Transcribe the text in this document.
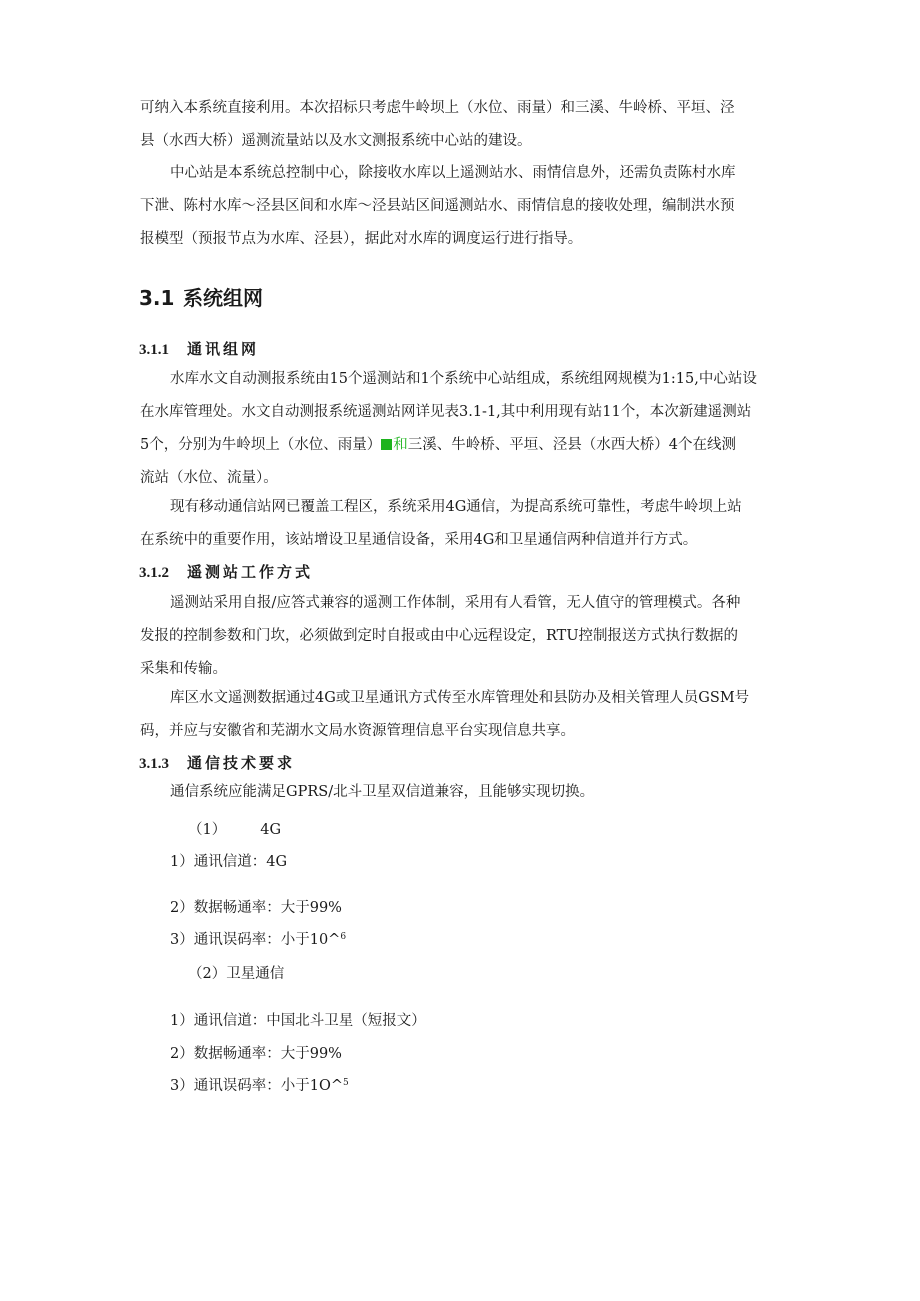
可纳入本系统直接利用。本次招标只考虑牛岭坝上（水位、雨量）和三溪、牛岭桥、平垣、泾
县（水西大桥）遥测流量站以及水文测报系统中心站的建设。

中心站是本系统总控制中心，除接收水库以上遥测站水、雨情信息外，还需负责陈村水库
下泄、陈村水库～泾县区间和水库～泾县站区间遥测站水、雨情信息的接收处理，编制洪水预
报模型（预报节点为水库、泾县），据此对水库的调度运行进行指导。

3.1 系统组网
3.1.1 通讯组网

水库水文自动测报系统由15个遥测站和1个系统中心站组成，系统组网规模为1:15,中心站设
在水库管理处。水文自动测报系统遥测站网详见表3.1-1,其中利用现有站11个，本次新建遥测站
5个，分别为牛岭坝上（水位、雨量） 和三溪、牛岭桥、平垣、泾县（水西大桥）4个在线测
流站（水位、流量）。

现有移动通信站网已覆盖工程区，系统采用4G通信，为提高系统可靠性，考虑牛岭坝上站
在系统中的重要作用，该站增设卫星通信设备，采用4G和卫星通信两种信道并行方式。

3.1.2 遥测站工作方式

遥测站采用自报/应答式兼容的遥测工作体制，采用有人看管，无人值守的管理模式。各种
发报的控制参数和门坎，必须做到定时自报或由中心远程设定，RTU控制报送方式执行数据的
采集和传输。

库区水文遥测数据通过4G或卫星通讯方式传至水库管理处和县防办及相关管理人员GSM号
码，并应与安徽省和芜湖水文局水资源管理信息平台实现信息共享。

3.1.3 通信技术要求

通信系统应能满足GPRS/北斗卫星双信道兼容，且能够实现切换。

（1） 4G

1）通讯信道：4G

2）数据畅通率：大于99%

3）通讯误码率：小于10^$^6$

（2）卫星通信

1）通讯信道：中国北斗卫星（短报文）

2）数据畅通率：大于99%

3）通讯误码率：小于1O^$^5$
